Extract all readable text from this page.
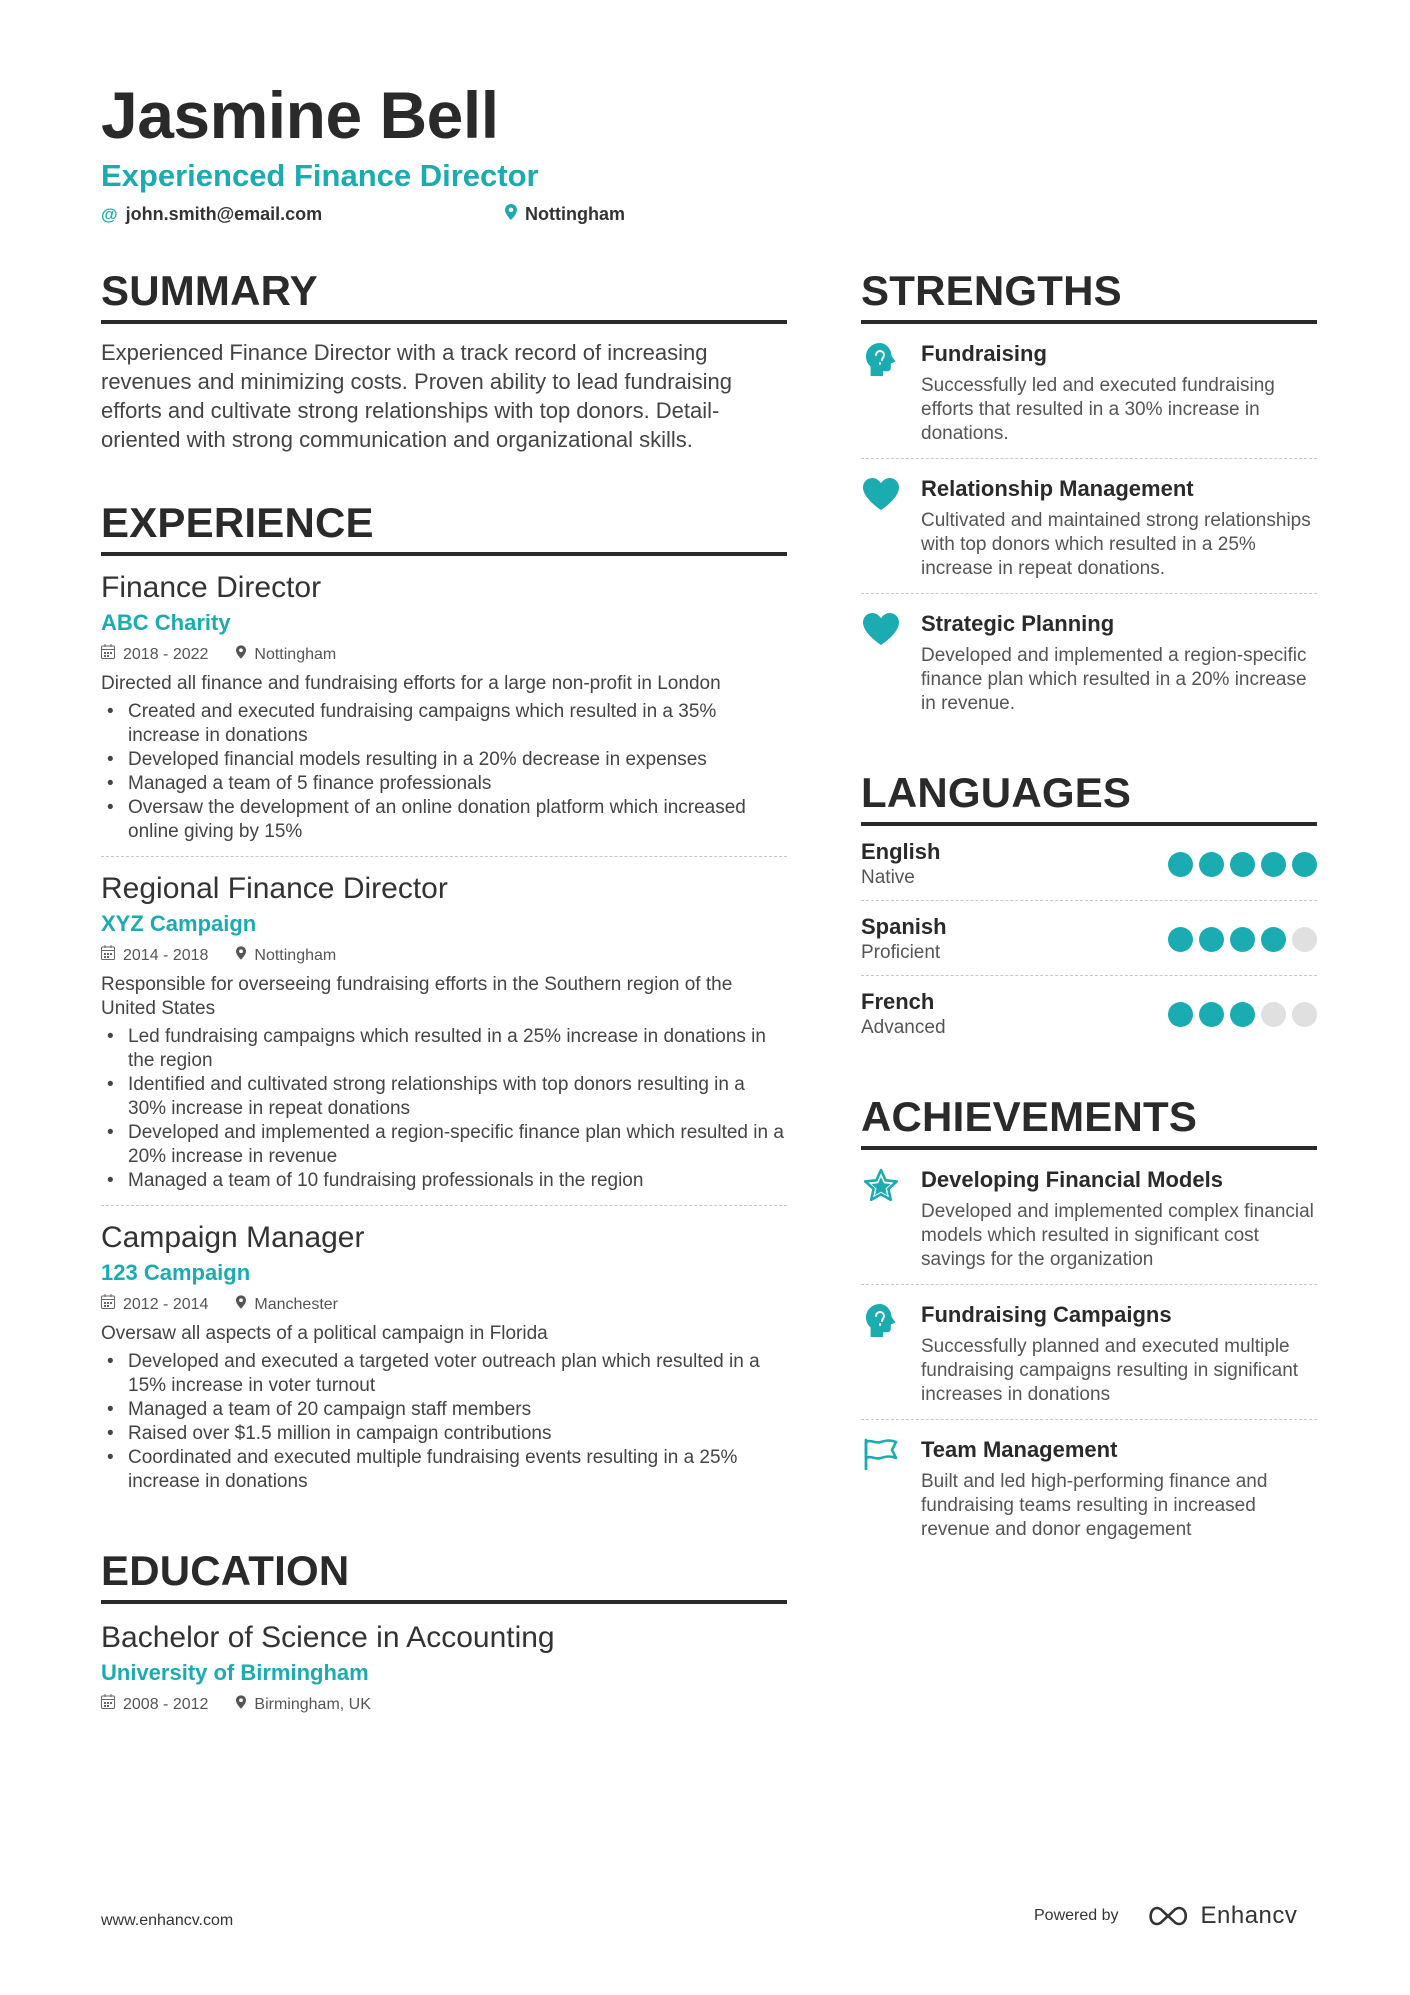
Jasmine Bell
Experienced Finance Director
@ john.smith@email.com	Nottingham
SUMMARY
Experienced Finance Director with a track record of increasing revenues and minimizing costs. Proven ability to lead fundraising efforts and cultivate strong relationships with top donors. Detail-oriented with strong communication and organizational skills.
EXPERIENCE
Finance Director
ABC Charity
2018 - 2022	Nottingham
Directed all finance and fundraising efforts for a large non-profit in London
• Created and executed fundraising campaigns which resulted in a 35% increase in donations
• Developed financial models resulting in a 20% decrease in expenses
• Managed a team of 5 finance professionals
• Oversaw the development of an online donation platform which increased online giving by 15%
Regional Finance Director
XYZ Campaign
2014 - 2018	Nottingham
Responsible for overseeing fundraising efforts in the Southern region of the United States
• Led fundraising campaigns which resulted in a 25% increase in donations in the region
• Identified and cultivated strong relationships with top donors resulting in a 30% increase in repeat donations
• Developed and implemented a region-specific finance plan which resulted in a 20% increase in revenue
• Managed a team of 10 fundraising professionals in the region
Campaign Manager
123 Campaign
2012 - 2014	Manchester
Oversaw all aspects of a political campaign in Florida
• Developed and executed a targeted voter outreach plan which resulted in a 15% increase in voter turnout
• Managed a team of 20 campaign staff members
• Raised over $1.5 million in campaign contributions
• Coordinated and executed multiple fundraising events resulting in a 25% increase in donations
EDUCATION
Bachelor of Science in Accounting
University of Birmingham
2008 - 2012	Birmingham, UK
STRENGTHS
Fundraising
Successfully led and executed fundraising efforts that resulted in a 30% increase in donations.
Relationship Management
Cultivated and maintained strong relationships with top donors which resulted in a 25% increase in repeat donations.
Strategic Planning
Developed and implemented a region-specific finance plan which resulted in a 20% increase in revenue.
LANGUAGES
English
Native
Spanish
Proficient
French
Advanced
ACHIEVEMENTS
Developing Financial Models
Developed and implemented complex financial models which resulted in significant cost savings for the organization
Fundraising Campaigns
Successfully planned and executed multiple fundraising campaigns resulting in significant increases in donations
Team Management
Built and led high-performing finance and fundraising teams resulting in increased revenue and donor engagement
www.enhancv.com	Powered by	Enhancv
